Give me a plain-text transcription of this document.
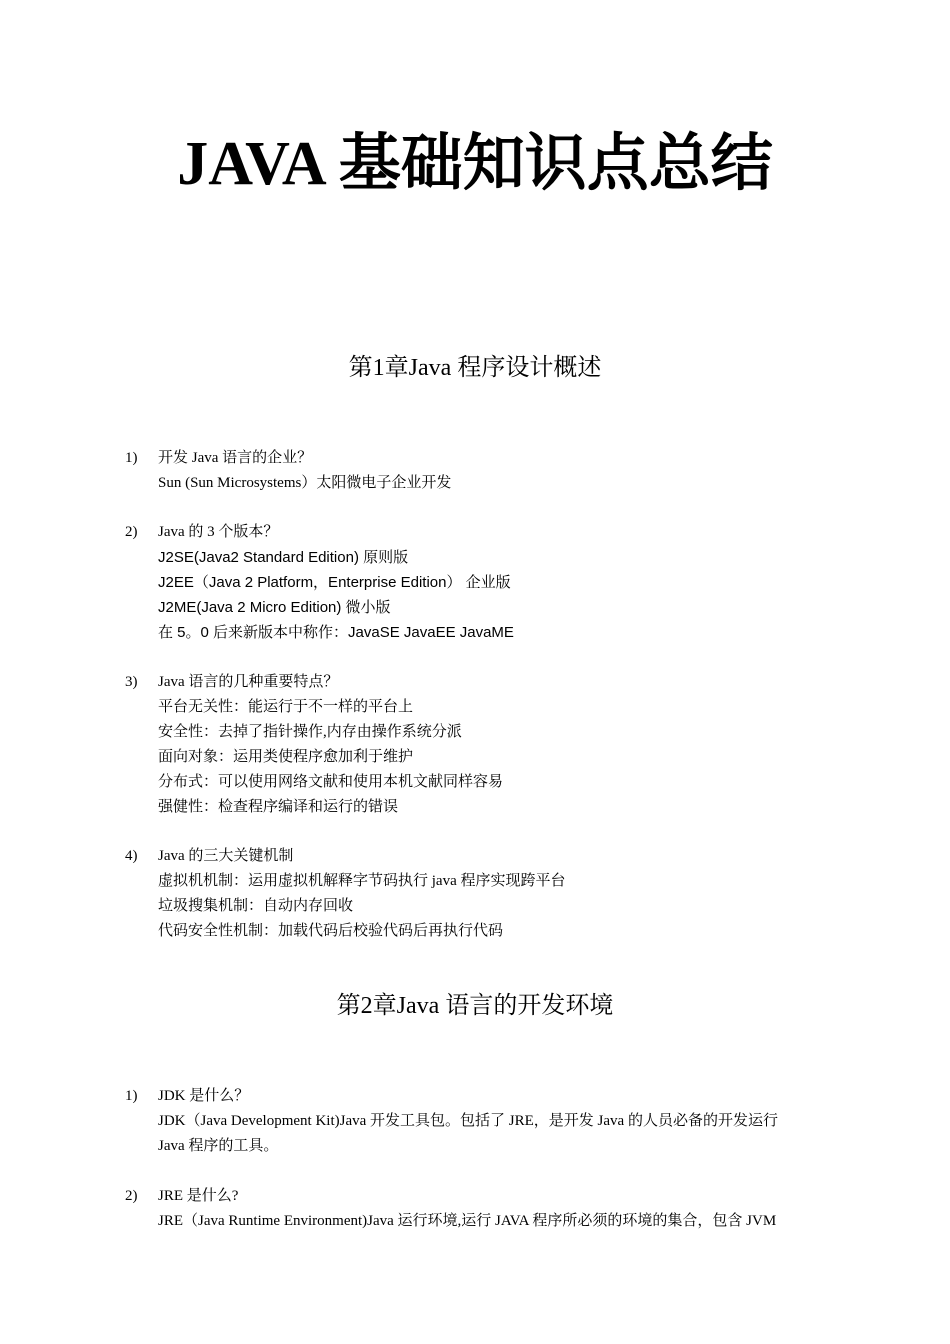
JAVA 基础知识点总结
第1章Java 程序设计概述
1)	开发 Java 语言的企业？
Sun (Sun Microsystems）太阳微电子企业开发
2)	Java 的 3 个版本？
J2SE(Java2 Standard Edition) 原则版
J2EE（Java 2 Platform，Enterprise Edition） 企业版
J2ME(Java 2 Micro Edition) 微小版
在 5。0 后来新版本中称作：JavaSE JavaEE JavaME
3)	Java 语言的几种重要特点？
平台无关性：能运行于不一样的平台上
安全性：去掉了指针操作,内存由操作系统分派
面向对象：运用类使程序愈加利于维护
分布式：可以使用网络文献和使用本机文献同样容易
强健性：检查程序编译和运行的错误
4)	Java 的三大关键机制
虚拟机机制：运用虚拟机解释字节码执行 java 程序实现跨平台
垃圾搜集机制：自动内存回收
代码安全性机制：加载代码后校验代码后再执行代码
第2章Java 语言的开发环境
1)	JDK 是什么？
JDK（Java Development Kit)Java 开发工具包。包括了 JRE，是开发 Java 的人员必备的开发运行
Java 程序的工具。
2)	JRE 是什么?
JRE（Java Runtime Environment)Java 运行环境,运行 JAVA 程序所必须的环境的集合，包含 JVM
